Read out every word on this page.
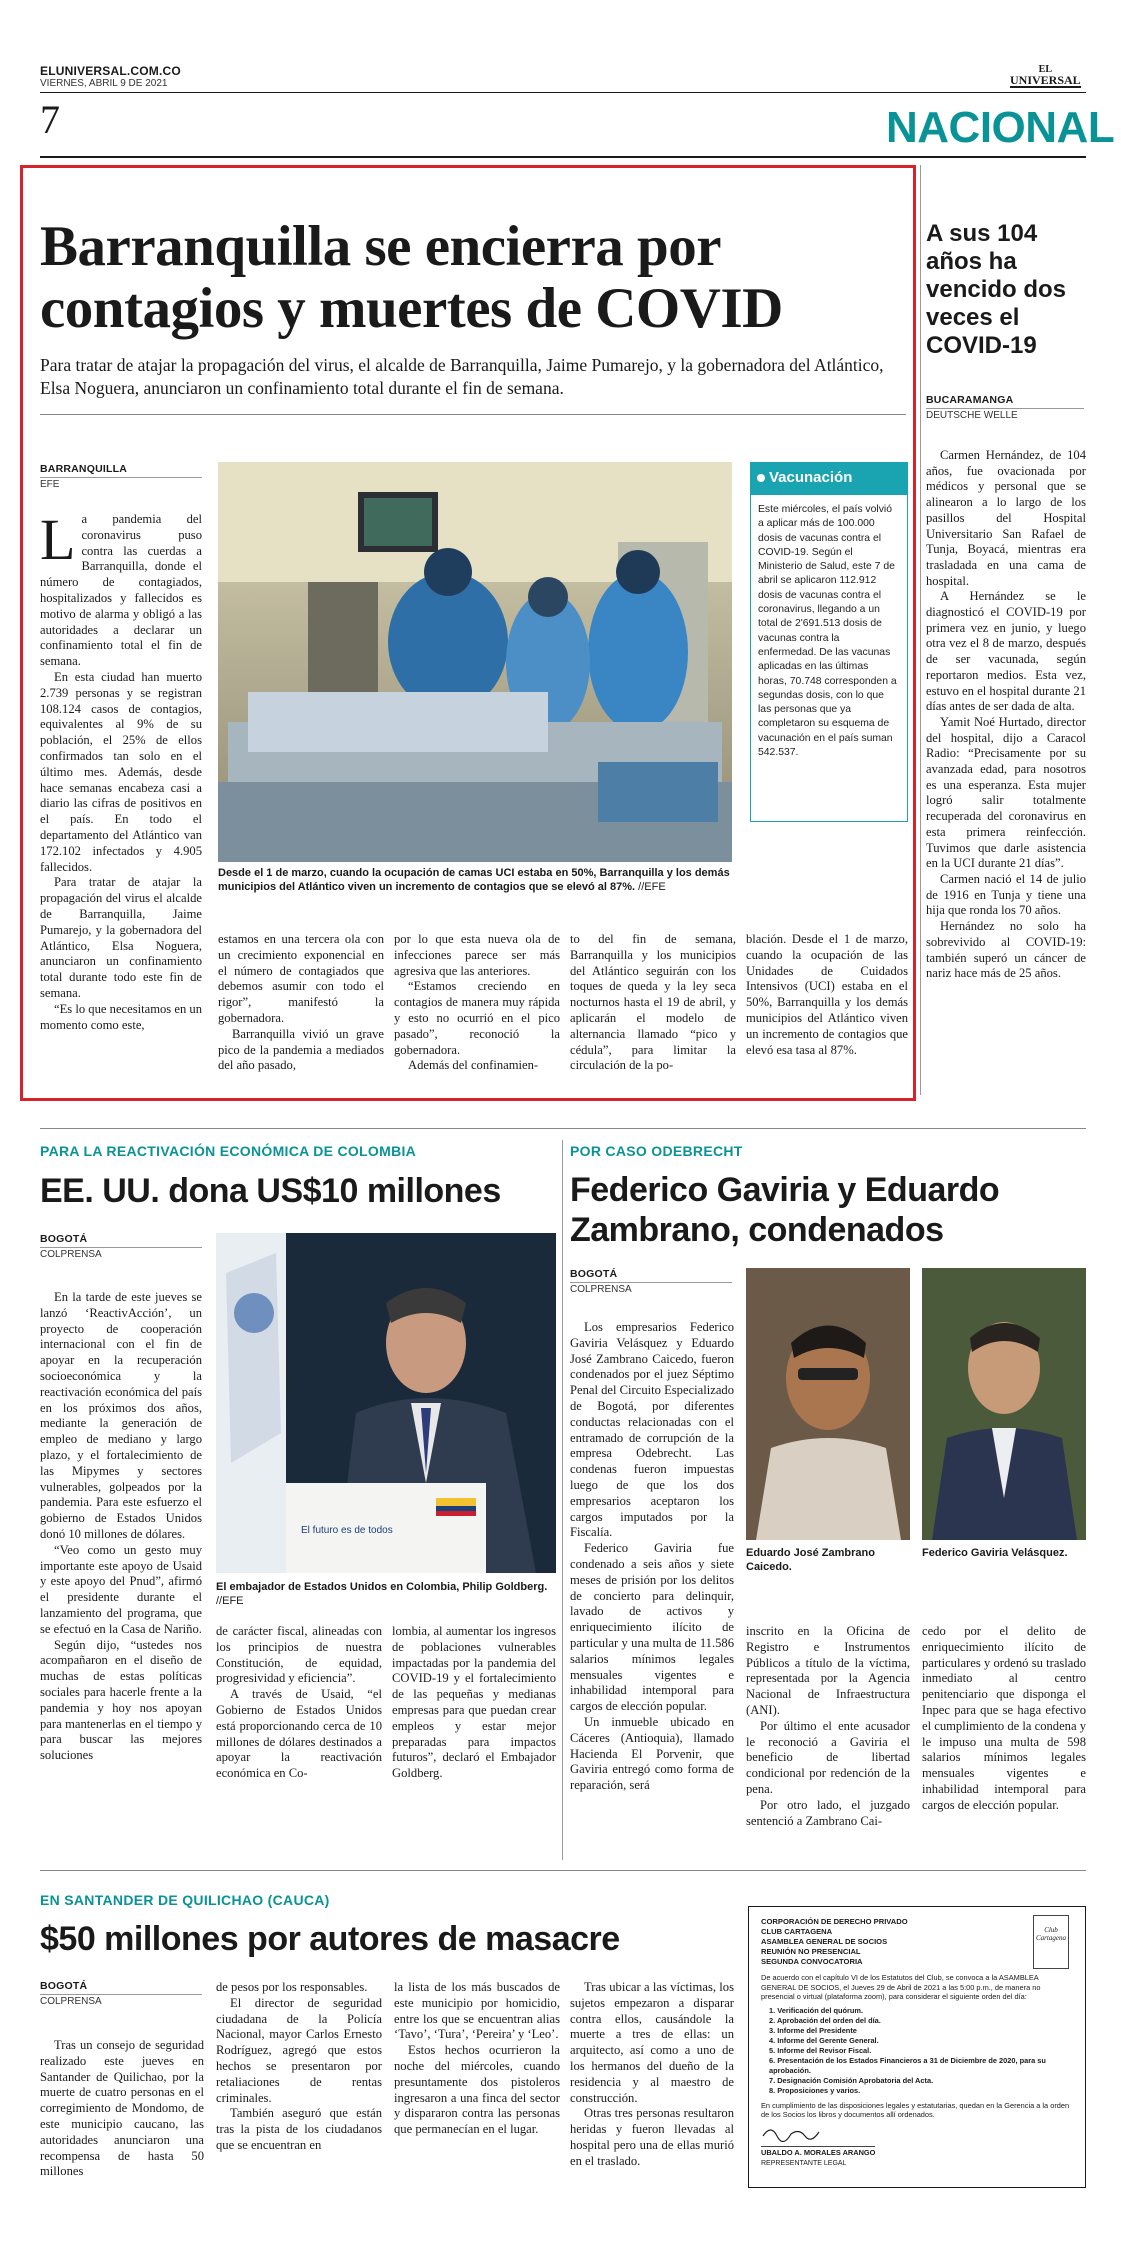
ELUNIVERSAL.COM.CO
VIERNES, ABRIL 9 DE 2021
EL
UNIVERSAL
7	NACIONAL
Barranquilla se encierra por contagios y muertes de COVID
Para tratar de atajar la propagación del virus, el alcalde de Barranquilla, Jaime Pumarejo, y la gobernadora del Atlántico, Elsa Noguera, anunciaron un confinamiento total durante el fin de semana.
BARRANQUILLA
EFE

La pandemia del coronavirus puso contra las cuerdas a Barranquilla, donde el número de contagiados, hospitalizados y fallecidos es motivo de alarma y obligó a las autoridades a declarar un confinamiento total el fin de semana.

En esta ciudad han muerto 2.739 personas y se registran 108.124 casos de contagios, equivalentes al 9% de su población, el 25% de ellos confirmados tan solo en el último mes. Además, desde hace semanas encabeza casi a diario las cifras de positivos en el país. En todo el departamento del Atlántico van 172.102 infectados y 4.905 fallecidos.

Para tratar de atajar la propagación del virus el alcalde de Barranquilla, Jaime Pumarejo, y la gobernadora del Atlántico, Elsa Noguera, anunciaron un confinamiento total durante todo este fin de semana.

“Es lo que necesitamos en un momento como este,

Desde el 1 de marzo, cuando la ocupación de camas UCI estaba en 50%, Barranquilla y los demás municipios del Atlántico viven un incremento de contagios que se elevó al 87%. //EFE
Vacunación
Este miércoles, el país volvió a aplicar más de 100.000 dosis de vacunas contra el COVID-19. Según el Ministerio de Salud, este 7 de abril se aplicaron 112.912 dosis de vacunas contra el coronavirus, llegando a un total de 2'691.513 dosis de vacunas contra la enfermedad. De las vacunas aplicadas en las últimas horas, 70.748 corresponden a segundas dosis, con lo que las personas que ya completaron su esquema de vacunación en el país suman 542.537.

estamos en una tercera ola con un crecimiento exponencial en el número de contagiados que debemos asumir con todo el rigor”, manifestó la gobernadora.

Barranquilla vivió un grave pico de la pandemia a mediados del año pasado,

por lo que esta nueva ola de infecciones parece ser más agresiva que las anteriores.

“Estamos creciendo en contagios de manera muy rápida y esto no ocurrió en el pico pasado”, reconoció la gobernadora.

Además del confinamien-

to del fin de semana, Barranquilla y los municipios del Atlántico seguirán con los toques de queda y la ley seca nocturnos hasta el 19 de abril, y aplicarán el modelo de alternancia llamado “pico y cédula”, para limitar la circulación de la po-

blación. Desde el 1 de marzo, cuando la ocupación de las Unidades de Cuidados Intensivos (UCI) estaba en el 50%, Barranquilla y los demás municipios del Atlántico viven un incremento de contagios que elevó esa tasa al 87%.

A sus 104 años ha vencido dos veces el COVID-19
BUCARAMANGA
DEUTSCHE WELLE

Carmen Hernández, de 104 años, fue ovacionada por médicos y personal que se alinearon a lo largo de los pasillos del Hospital Universitario San Rafael de Tunja, Boyacá, mientras era trasladada en una cama de hospital.

A Hernández se le diagnosticó el COVID-19 por primera vez en junio, y luego otra vez el 8 de marzo, después de ser vacunada, según reportaron medios. Esta vez, estuvo en el hospital durante 21 días antes de ser dada de alta.

Yamit Noé Hurtado, director del hospital, dijo a Caracol Radio: “Precisamente por su avanzada edad, para nosotros es una esperanza. Esta mujer logró salir totalmente recuperada del coronavirus en esta primera reinfección. Tuvimos que darle asistencia en la UCI durante 21 días”.

Carmen nació el 14 de julio de 1916 en Tunja y tiene una hija que ronda los 70 años.

Hernández no solo ha sobrevivido al COVID-19: también superó un cáncer de nariz hace más de 25 años.

PARA LA REACTIVACIÓN ECONÓMICA DE COLOMBIA
EE. UU. dona US$10 millones
BOGOTÁ
COLPRENSA

En la tarde de este jueves se lanzó ‘ReactivAcción’, un proyecto de cooperación internacional con el fin de apoyar en la recuperación socioeconómica y la reactivación económica del país en los próximos dos años, mediante la generación de empleo de mediano y largo plazo, y el fortalecimiento de las Mipymes y sectores vulnerables, golpeados por la pandemia. Para este esfuerzo el gobierno de Estados Unidos donó 10 millones de dólares.

“Veo como un gesto muy importante este apoyo de Usaid y este apoyo del Pnud”, afirmó el presidente durante el lanzamiento del programa, que se efectuó en la Casa de Nariño.

Según dijo, “ustedes nos acompañaron en el diseño de muchas de estas políticas sociales para hacerle frente a la pandemia y hoy nos apoyan para mantenerlas en el tiempo y para buscar las mejores soluciones

El futuro es de todos
El embajador de Estados Unidos en Colombia, Philip Goldberg. //EFE

de carácter fiscal, alineadas con los principios de nuestra Constitución, de equidad, progresividad y eficiencia”.

A través de Usaid, “el Gobierno de Estados Unidos está proporcionando cerca de 10 millones de dólares destinados a apoyar la reactivación económica en Co-

lombia, al aumentar los ingresos de poblaciones vulnerables impactadas por la pandemia del COVID-19 y el fortalecimiento de las pequeñas y medianas empresas para que puedan crear empleos y estar mejor preparadas para impactos futuros”, declaró el Embajador Goldberg.

POR CASO ODEBRECHT
Federico Gaviria y Eduardo Zambrano, condenados
BOGOTÁ
COLPRENSA

Los empresarios Federico Gaviria Velásquez y Eduardo José Zambrano Caicedo, fueron condenados por el juez Séptimo Penal del Circuito Especializado de Bogotá, por diferentes conductas relacionadas con el entramado de corrupción de la empresa Odebrecht. Las condenas fueron impuestas luego de que los dos empresarios aceptaron los cargos imputados por la Fiscalía.

Federico Gaviria fue condenado a seis años y siete meses de prisión por los delitos de concierto para delinquir, lavado de activos y enriquecimiento ilícito de particular y una multa de 11.586 salarios mínimos legales mensuales vigentes e inhabilidad intemporal para cargos de elección popular.

Un inmueble ubicado en Cáceres (Antioquia), llamado Hacienda El Porvenir, que Gaviria entregó como forma de reparación, será

Eduardo José Zambrano Caicedo.
Federico Gaviria Velásquez.

inscrito en la Oficina de Registro e Instrumentos Públicos a título de la víctima, representada por la Agencia Nacional de Infraestructura (ANI).

Por último el ente acusador le reconoció a Gaviria el beneficio de libertad condicional por redención de la pena.

Por otro lado, el juzgado sentenció a Zambrano Cai-

cedo por el delito de enriquecimiento ilícito de particulares y ordenó su traslado inmediato al centro penitenciario que disponga el Inpec para que se haga efectivo el cumplimiento de la condena y le impuso una multa de 598 salarios mínimos legales mensuales vigentes e inhabilidad intemporal para cargos de elección popular.

EN SANTANDER DE QUILICHAO (CAUCA)
$50 millones por autores de masacre
BOGOTÁ
COLPRENSA

Tras un consejo de seguridad realizado este jueves en Santander de Quilichao, por la muerte de cuatro personas en el corregimiento de Mondomo, de este municipio caucano, las autoridades anunciaron una recompensa de hasta 50 millones

de pesos por los responsables.

El director de seguridad ciudadana de la Policía Nacional, mayor Carlos Ernesto Rodríguez, agregó que estos hechos se presentaron por retaliaciones de rentas criminales.

También aseguró que están tras la pista de los ciudadanos que se encuentran en

la lista de los más buscados de este municipio por homicidio, entre los que se encuentran alias ‘Tavo’, ‘Tura’, ‘Pereira’ y ‘Leo’.

Estos hechos ocurrieron la noche del miércoles, cuando presuntamente dos pistoleros ingresaron a una finca del sector y dispararon contra las personas que permanecían en el lugar.

Tras ubicar a las víctimas, los sujetos empezaron a disparar contra ellos, causándole la muerte a tres de ellas: un arquitecto, así como a uno de los hermanos del dueño de la residencia y al maestro de construcción.

Otras tres personas resultaron heridas y fueron llevadas al hospital pero una de ellas murió en el traslado.

CORPORACIÓN DE DERECHO PRIVADO
CLUB CARTAGENA
ASAMBLEA GENERAL DE SOCIOS
REUNIÓN NO PRESENCIAL
SEGUNDA CONVOCATORIA
Club Cartagena
De acuerdo con el capítulo VI de los Estatutos del Club, se convoca a la ASAMBLEA GENERAL DE SOCIOS, el Jueves 29 de Abril de 2021 a las 5:00 p.m., de manera no presencial o virtual (plataforma zoom), para considerar el siguiente orden del día:
1. Verificación del quórum.
2. Aprobación del orden del día.
3. Informe del Presidente
4. Informe del Gerente General.
5. Informe del Revisor Fiscal.
6. Presentación de los Estados Financieros a 31 de Diciembre de 2020, para su aprobación.
7. Designación Comisión Aprobatoria del Acta.
8. Proposiciones y varios.
En cumplimiento de las disposiciones legales y estatutarias, quedan en la Gerencia a la orden de los Socios los libros y documentos allí ordenados.
UBALDO A. MORALES ARANGO
REPRESENTANTE LEGAL
